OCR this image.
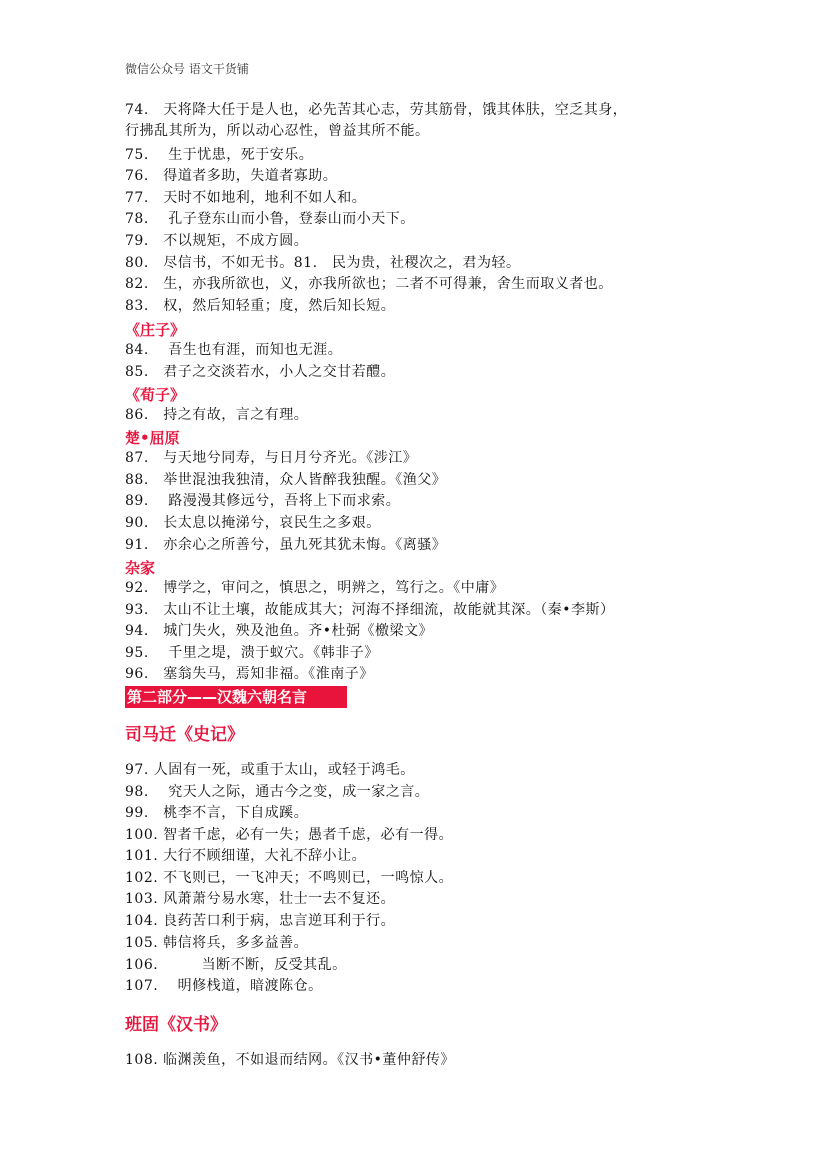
微信公众号 语文干货铺
74.　天将降大任于是人也，必先苦其心志，劳其筋骨，饿其体肤，空乏其身，
行拂乱其所为，所以动心忍性，曾益其所不能。
75.　 生于忧患，死于安乐。
76.　得道者多助，失道者寡助。
77.　天时不如地利，地利不如人和。
78.　 孔子登东山而小鲁，登泰山而小天下。
79.　不以规矩，不成方圆。
80.　尽信书，不如无书。81.　民为贵，社稷次之，君为轻。
82.　生，亦我所欲也，义，亦我所欲也；二者不可得兼，舍生而取义者也。
83.　权，然后知轻重；度，然后知长短。
《庄子》
84.　 吾生也有涯，而知也无涯。
85.　君子之交淡若水，小人之交甘若醴。
《荀子》
86.　持之有故，言之有理。
楚•屈原
87.　与天地兮同寿，与日月兮齐光。《涉江》
88.　举世混浊我独清，众人皆醉我独醒。《渔父》
89.　 路漫漫其修远兮，吾将上下而求索。
90.　长太息以掩涕兮，哀民生之多艰。
91.　亦余心之所善兮，虽九死其犹未悔。《离骚》
杂家
92.　博学之，审问之，慎思之，明辨之，笃行之。《中庸》
93.　太山不让土壤，故能成其大；河海不择细流，故能就其深。（秦•李斯）
94.　城门失火，殃及池鱼。齐•杜弼《檄梁文》
95.　 千里之堤，溃于蚁穴。《韩非子》
96.　塞翁失马，焉知非福。《淮南子》
第二部分——汉魏六朝名言
司马迁《史记》
97. 人固有一死，或重于太山，或轻于鸿毛。
98.　 究天人之际，通古今之变，成一家之言。
99.　桃李不言，下自成蹊。
100. 智者千虑，必有一失；愚者千虑，必有一得。
101. 大行不顾细谨，大礼不辞小让。
102. 不飞则已，一飞冲天；不鸣则已，一鸣惊人。
103. 风萧萧兮易水寒，壮士一去不复还。
104. 良药苦口利于病，忠言逆耳利于行。
105. 韩信将兵，多多益善。
106.　　　当断不断，反受其乱。
107.　 明修栈道，暗渡陈仓。
班固《汉书》
108. 临渊羡鱼，不如退而结网。《汉书•董仲舒传》
